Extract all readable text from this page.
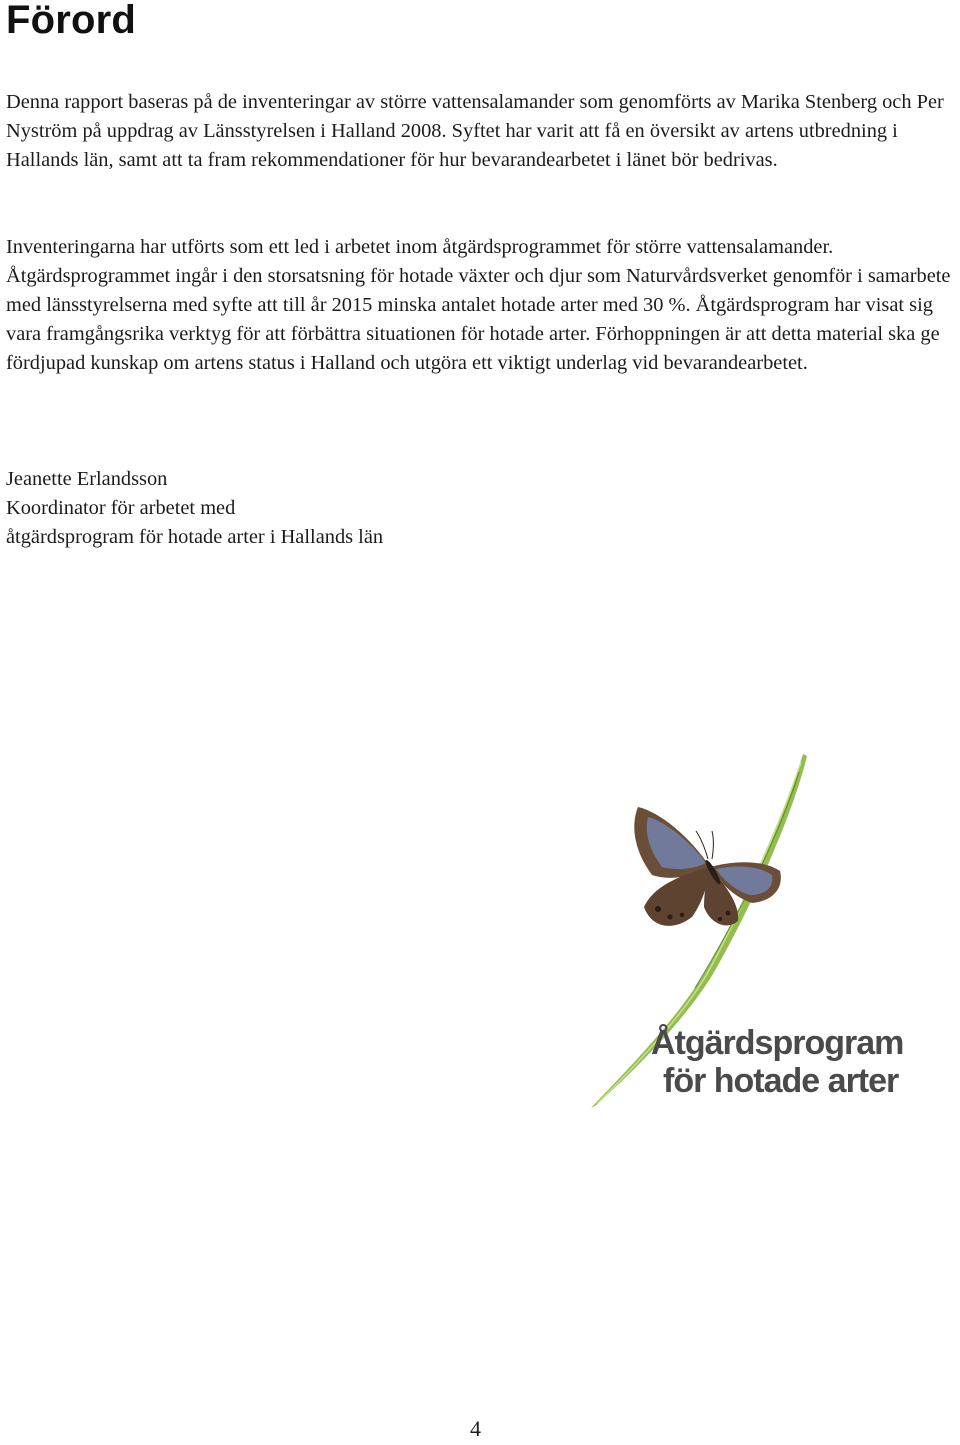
Förord

Denna rapport baseras på de inventeringar av större vattensalamander som genomförts av Marika Stenberg och Per Nyström på uppdrag av Länsstyrelsen i Halland 2008. Syftet har varit att få en översikt av artens utbredning i Hallands län, samt att ta fram rekommendationer för hur bevarandearbetet i länet bör bedrivas.

Inventeringarna har utförts som ett led i arbetet inom åtgärdsprogrammet för större vattensalamander. Åtgärdsprogrammet ingår i den storsatsning för hotade växter och djur som Naturvårdsverket genomför i samarbete med länsstyrelserna med syfte att till år 2015 minska antalet hotade arter med 30 %. Åtgärdsprogram har visat sig vara framgångsrika verktyg för att förbättra situationen för hotade arter. Förhoppningen är att detta material ska ge fördjupad kunskap om artens status i Halland och utgöra ett viktigt underlag vid bevarandearbetet.

Jeanette Erlandsson
Koordinator för arbetet med
åtgärdsprogram för hotade arter i Hallands län
Åtgärdsprogram
för hotade arter
4
